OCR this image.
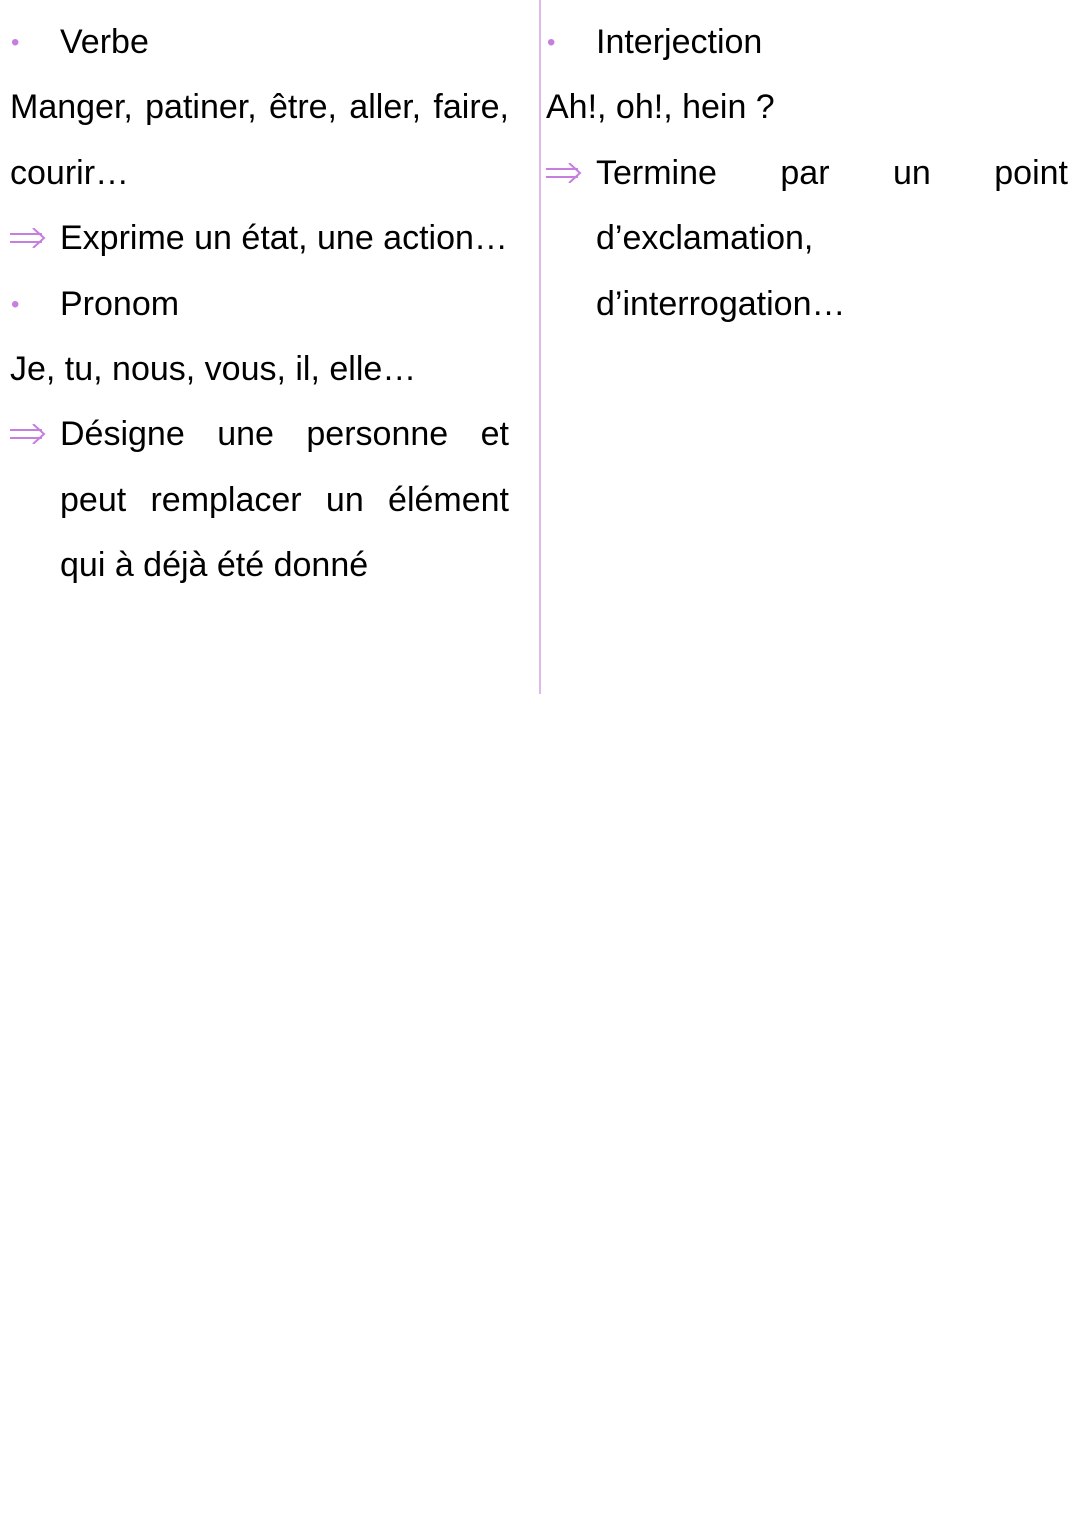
•	Verbe
Manger, patiner, être, aller, faire, courir…
Exprime un état, une action…
•	Pronom
Je, tu, nous, vous, il, elle…
Désigne une personne et peut remplacer un élément qui à déjà été donné
•	Interjection
Ah!, oh!, hein ?
Termine par un point d’exclamation, d’interrogation…
